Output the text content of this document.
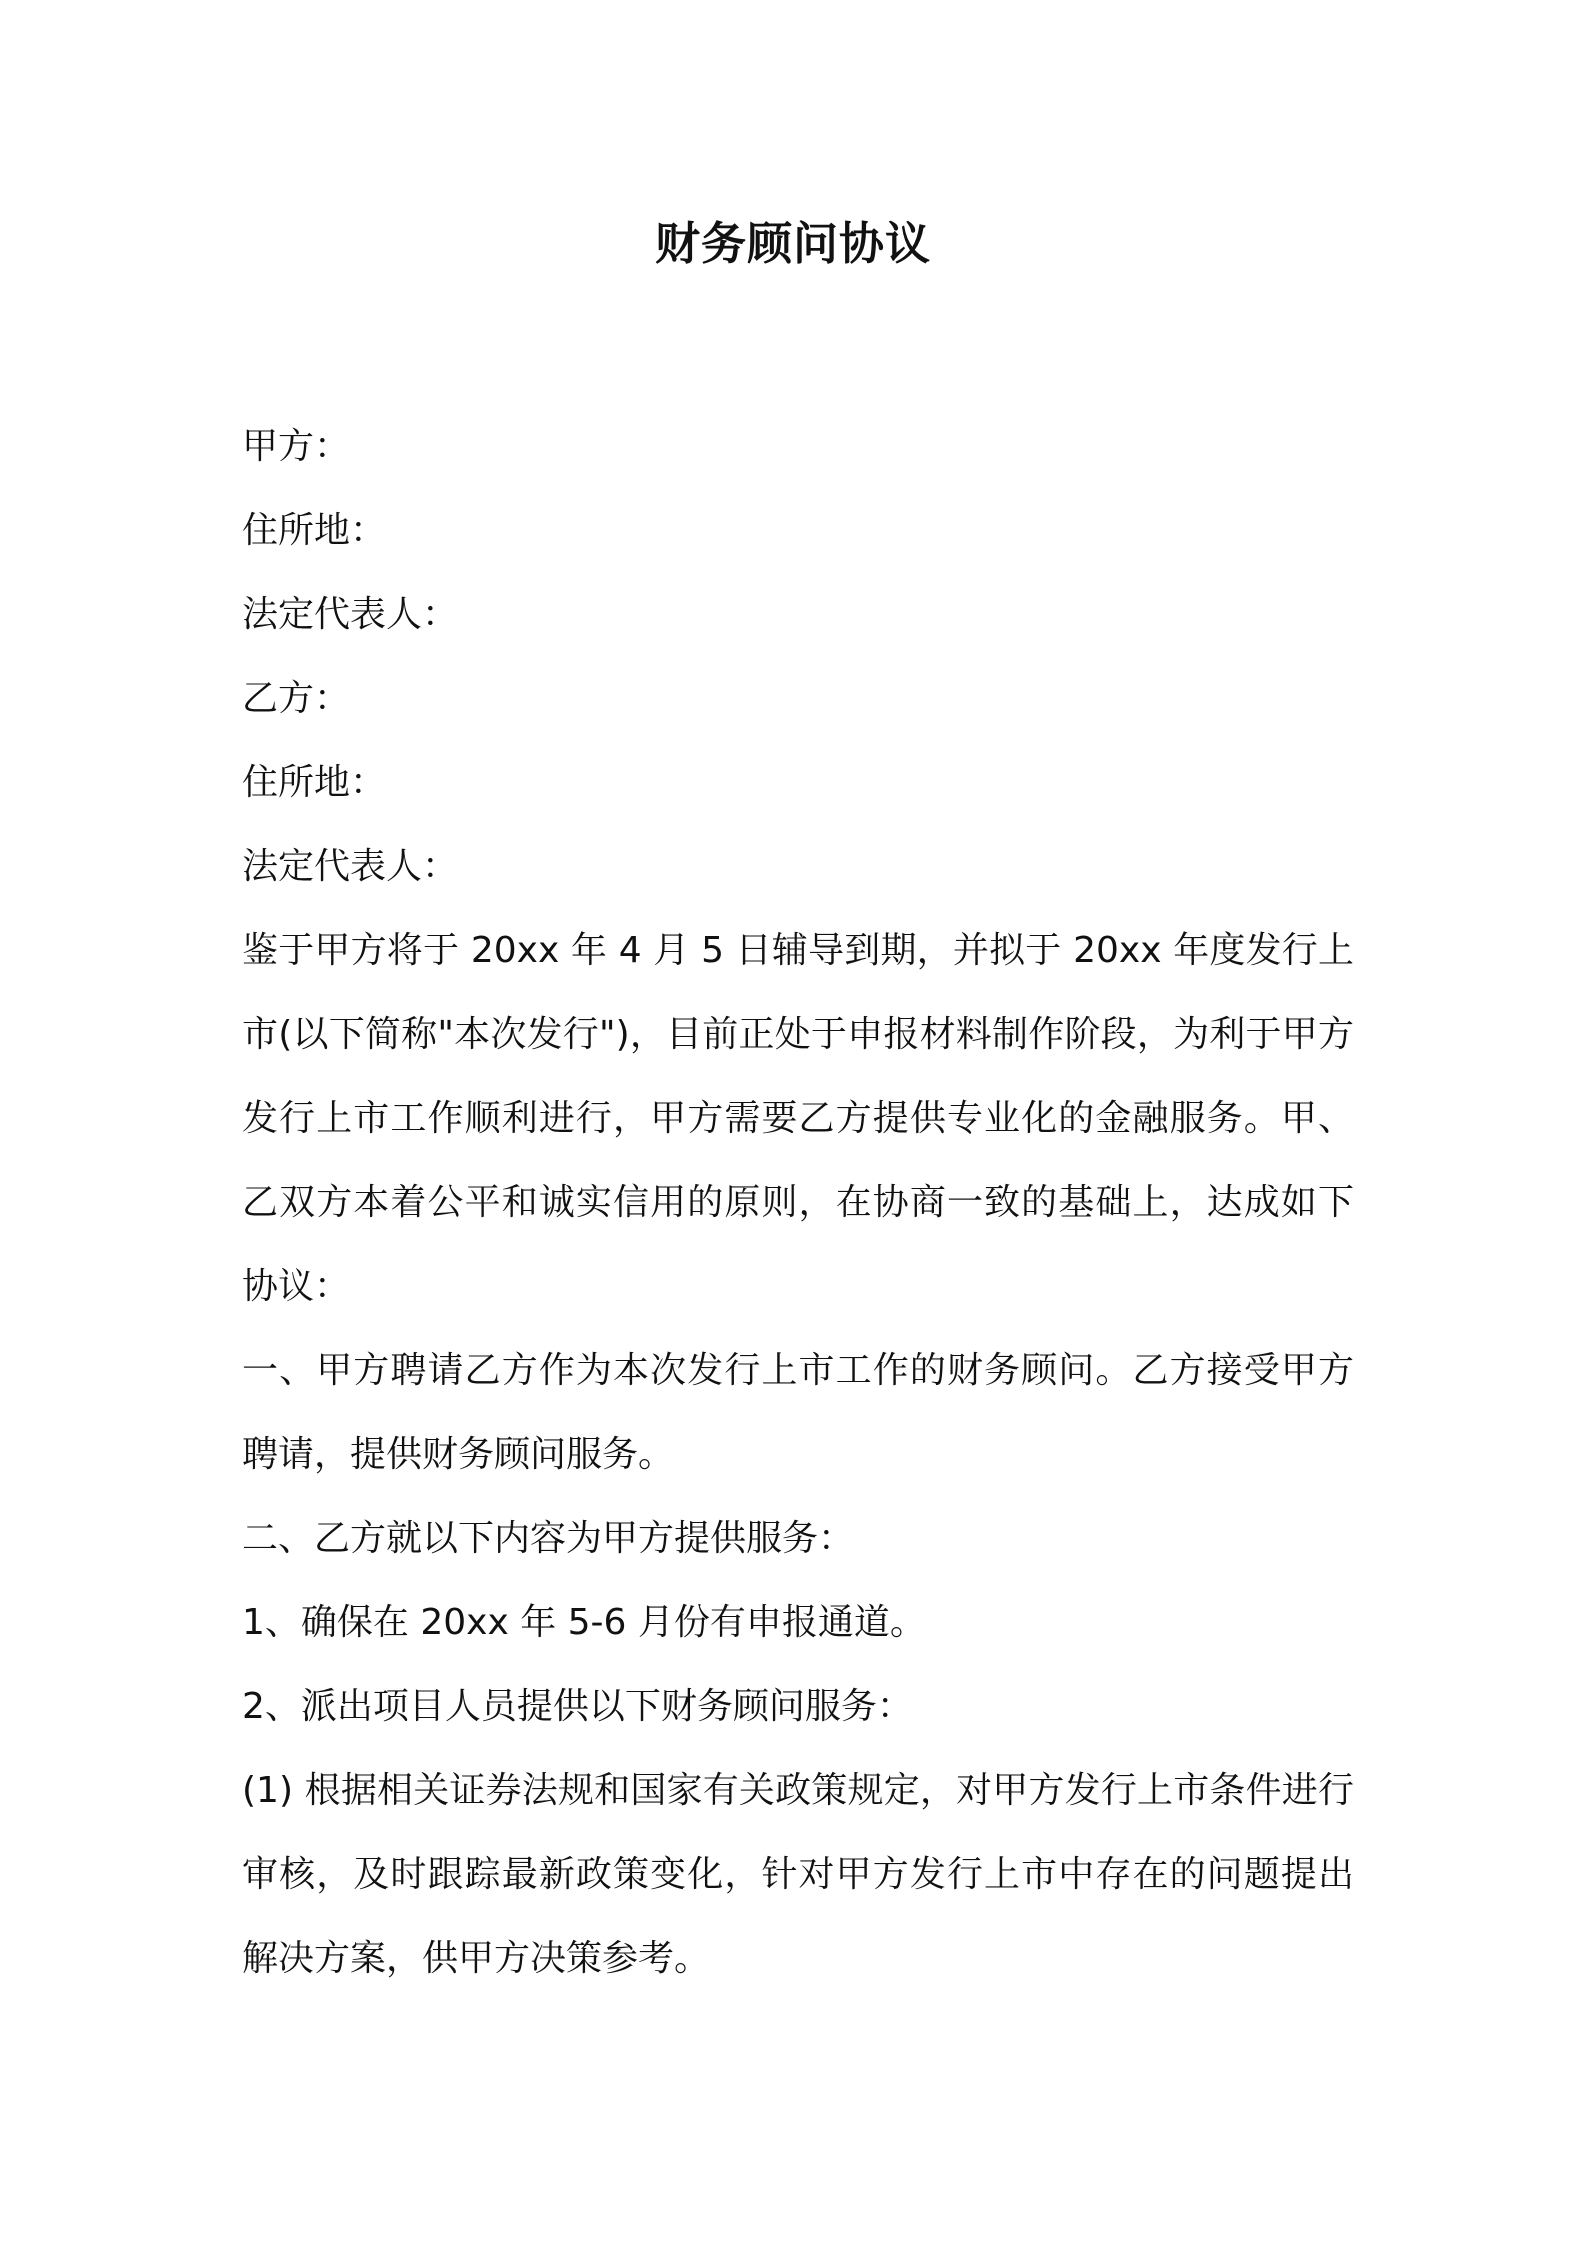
财务顾问协议
甲方：
住所地：
法定代表人：
乙方：
住所地：
法定代表人：

鉴于甲方将于 20xx 年 4 月 5 日辅导到期，并拟于 20xx 年度发行上市(以下简称"本次发行")，目前正处于申报材料制作阶段，为利于甲方发行上市工作顺利进行，甲方需要乙方提供专业化的金融服务。甲、乙双方本着公平和诚实信用的原则，在协商一致的基础上，达成如下协议：

一、甲方聘请乙方作为本次发行上市工作的财务顾问。乙方接受甲方聘请，提供财务顾问服务。

二、乙方就以下内容为甲方提供服务：

1、确保在 20xx 年 5-6 月份有申报通道。

2、派出项目人员提供以下财务顾问服务：

(1) 根据相关证券法规和国家有关政策规定，对甲方发行上市条件进行审核，及时跟踪最新政策变化，针对甲方发行上市中存在的问题提出解决方案，供甲方决策参考。
